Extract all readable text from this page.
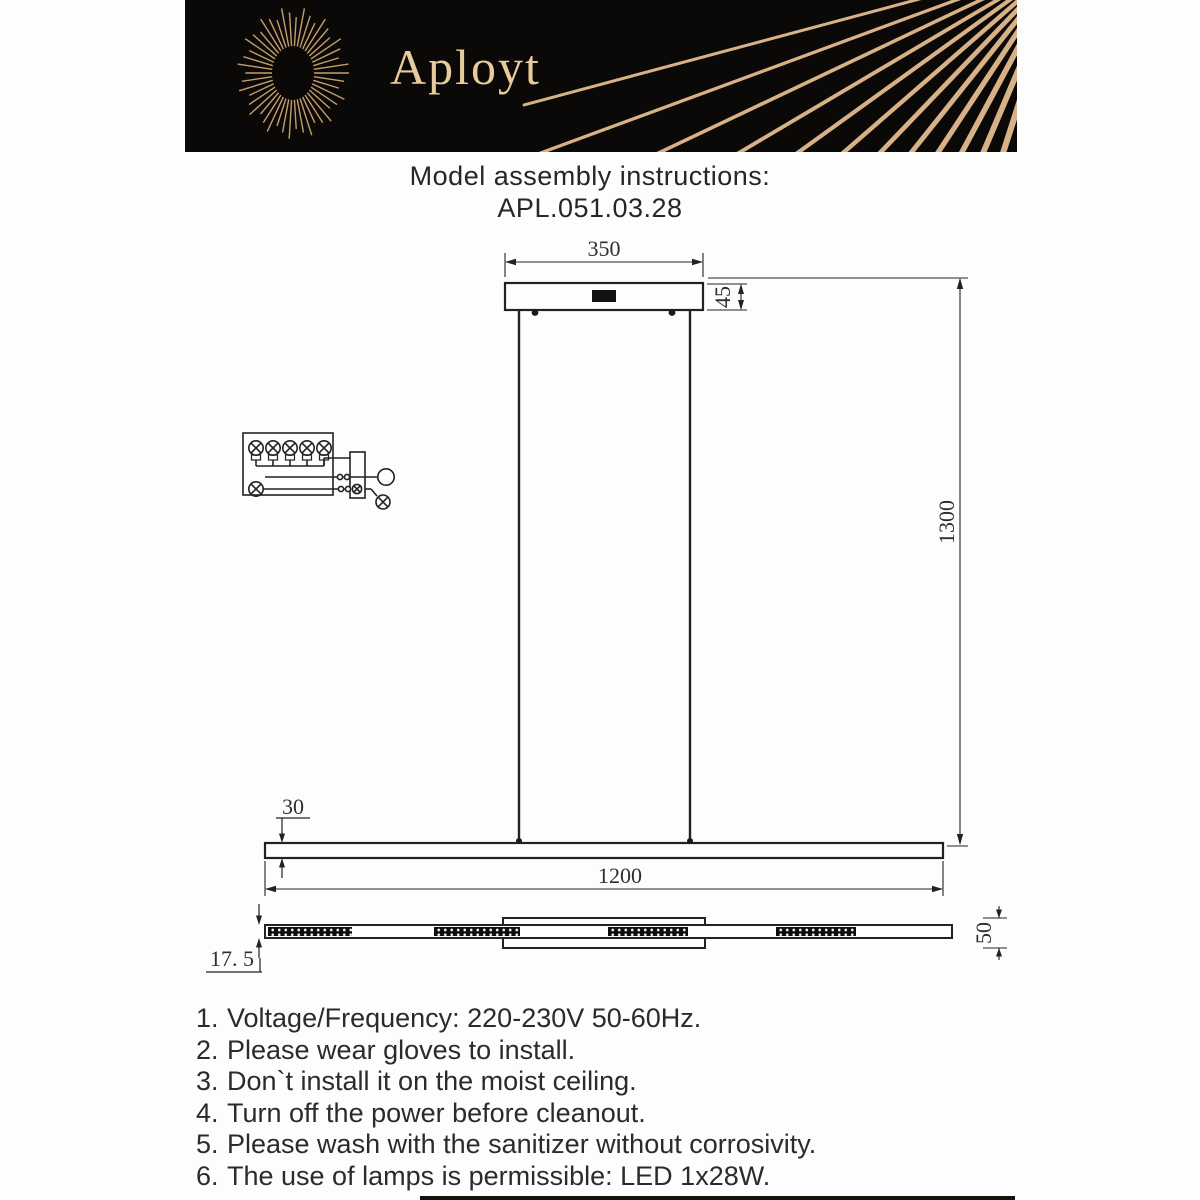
Aployt
Model assembly instructions:
APL.051.03.28
350
45
1300
30
1200
17. 5
50
1. Voltage/Frequency: 220-230V 50-60Hz.
2. Please wear gloves to install.
3. Don`t install it on the moist ceiling.
4. Turn off the power before cleanout.
5. Please wash with the sanitizer without corrosivity.
6. The use of lamps is permissible: LED 1x28W.
